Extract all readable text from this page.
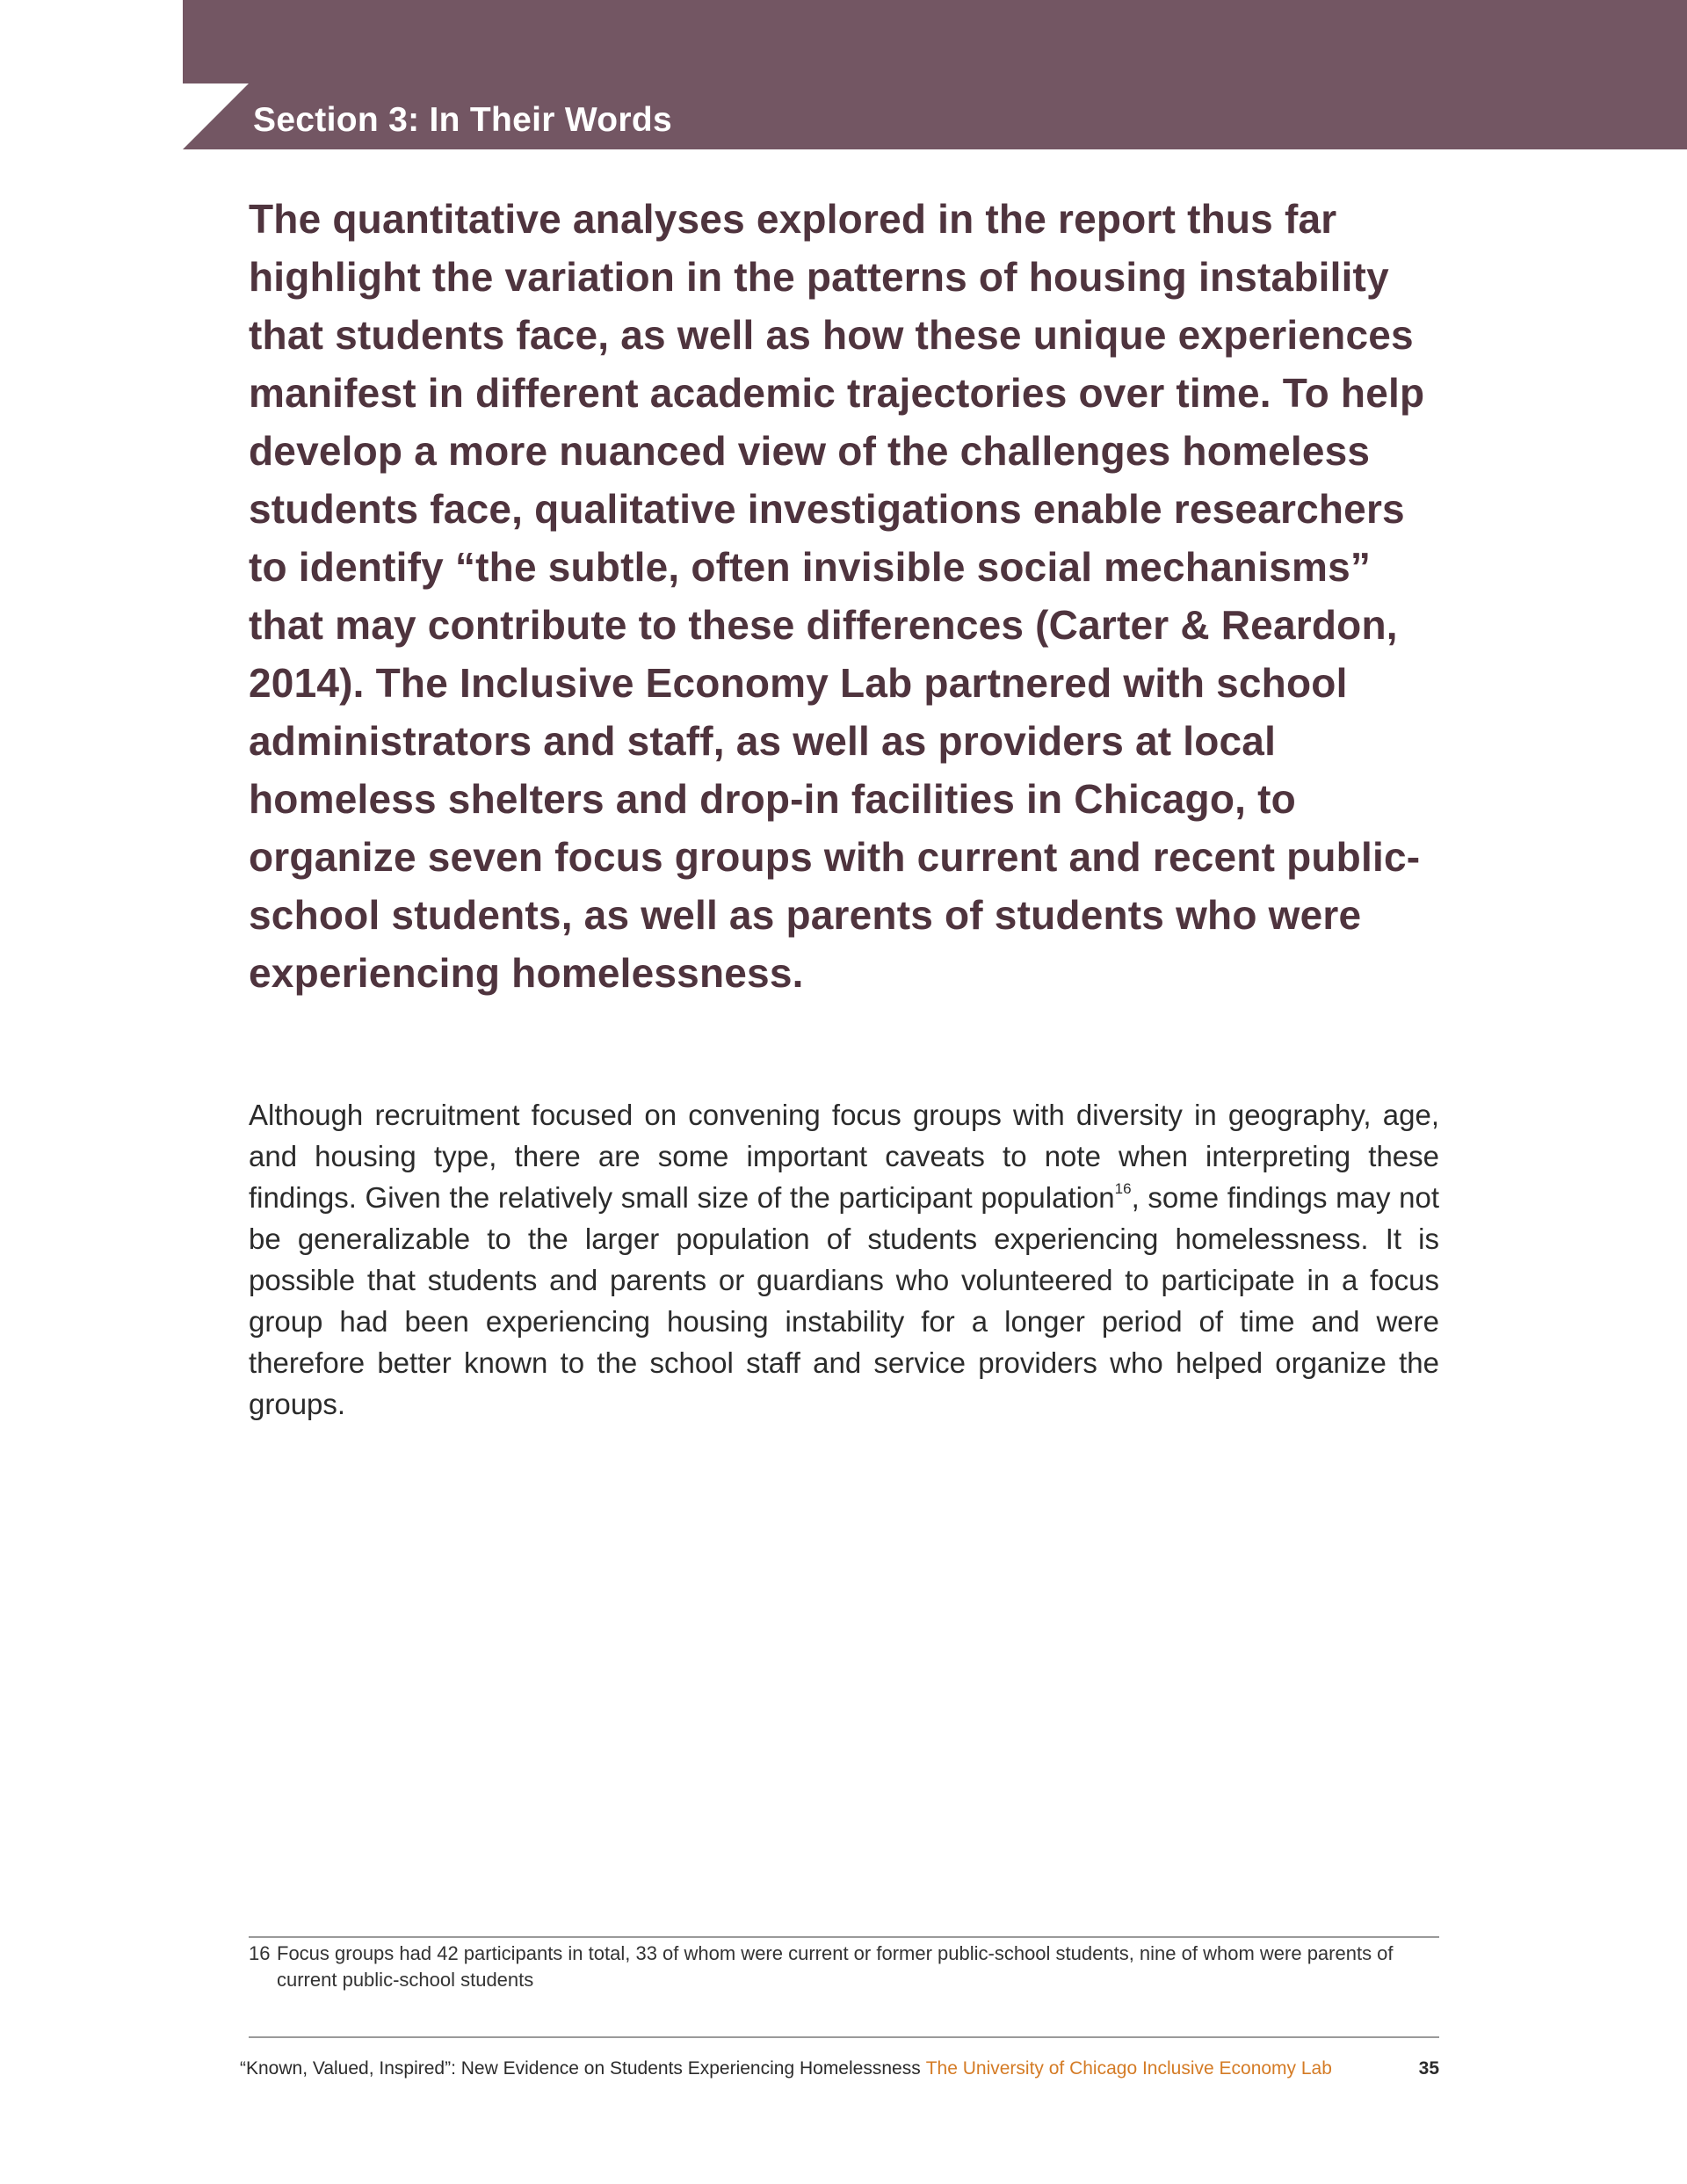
Section 3: In Their Words

The quantitative analyses explored in the report thus far highlight the variation in the patterns of housing instability that students face, as well as how these unique experiences manifest in different academic trajectories over time. To help develop a more nuanced view of the challenges homeless students face, qualitative investigations enable researchers to identify “the subtle, often invisible social mechanisms” that may contribute to these differences (Carter & Reardon, 2014). The Inclusive Economy Lab partnered with school administrators and staff, as well as providers at local homeless shelters and drop-in facilities in Chicago, to organize seven focus groups with current and recent public-school students, as well as parents of students who were experiencing homelessness.

Although recruitment focused on convening focus groups with diversity in geography, age, and housing type, there are some important caveats to note when interpreting these findings. Given the relatively small size of the participant population$^{16}$, some findings may not be generalizable to the larger population of students experiencing homelessness. It is possible that students and parents or guardians who volunteered to participate in a focus group had been experiencing housing instability for a longer period of time and were therefore better known to the school staff and service providers who helped organize the groups.

16 Focus groups had 42 participants in total, 33 of whom were current or former public-school students, nine of whom were parents of current public-school students
“Known, Valued, Inspired”: New Evidence on Students Experiencing Homelessness The University of Chicago Inclusive Economy Lab	35
